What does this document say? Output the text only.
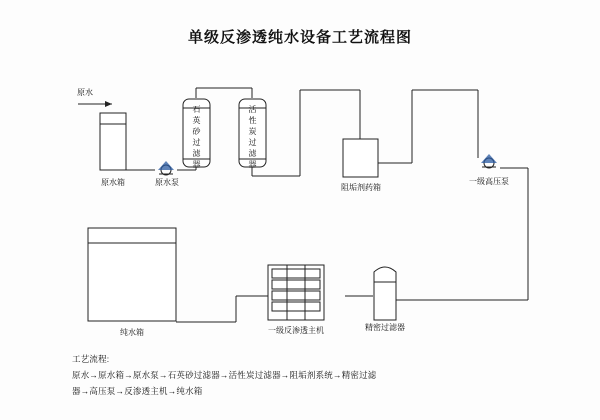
单级反渗透纯水设备工艺流程图
原水
石英砂过滤器
活性炭过滤器
原水箱	原水泵
阻垢剂药箱
一级高压泵
精密过滤器
一级反渗透主机
纯水箱
工艺流程:
原水→原水箱→原水泵→石英砂过滤器→活性炭过滤器→阻垢剂系统→精密过滤
器→高压泵→反渗透主机→纯水箱
